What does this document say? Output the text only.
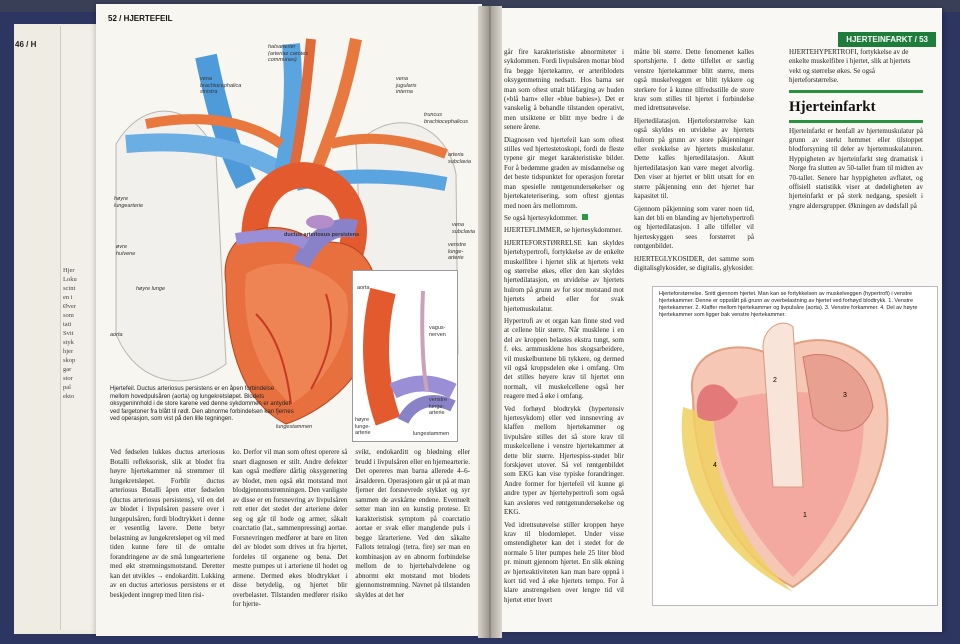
46 / H
Hjer
Loku
scint
en i
Øver
som
tati
Svit
styk
hjer
skop
gar
stor
pal
ekto
52 / HJERTEFEIL
halsarterier
(arteriae carotes
communes)
vena
brachiocephalica
sinistra
vena
jugularis
interna
truncus
brachiocephalicus
arteria
subclavia
høyre
lungearterie
øvre
hulvene
høyre lunge
aorta
ductus arteriosus persistens
vena subclavia
venstre
lunge-
arterie
lungestammen
Hjertefeil. Ductus arteriosus persistens er en åpen forbindelse mellom hovedpulsåren (aorta) og lungekretsløpet. Blodets oksygeninnhold i de store karene ved denne sykdommen er antydet ved fargetoner fra blått til rødt. Den abnorme forbindelsen kan fjernes ved operasjon, som vist på den lille tegningen.
aorta
vagus-
nerven
venstre
lunge-
arterie
høyre
lunge-
arterie	lungestammen
Ved fødselen lukkes ductus arteriosus Botalli refleksorisk, slik at blodet fra høyre hjertekammer nå strømmer til lungekretsløpet. Forblir ductus arteriosus Botalli åpen etter fødselen (ductus arteriosus persistens), vil en del av blodet i livpulsåren passere over i lungepulsåren, fordi blodtrykket i denne er vesentlig lavere. Dette betyr belastning av lungekretsløpet og vil med tiden kunne føre til de omtalte forandringene av de små lungearteriene med økt strømningsmotstand. Deretter kan det utvikles → endokarditt. Lukking av en ductus arteriosus persistens er et beskjedent inngrep med liten risi-
ko. Derfor vil man som oftest operere så snart diagnosen er stilt. Andre defekter kan også medføre dårlig oksygenering av blodet, men også økt motstand mot blodgjennomstrømningen. Den vanligste av disse er en forsnevring av livpulsåren rett etter det stedet der arteriene deler seg og går til hode og armer, såkalt coarctatio (lat., sammenpressing) aortae. Forsnevringen medfører at bare en liten del av blodet som drives ut fra hjertet, fordeles til organene og bena. Det mestte pumpes ut i arteriene til hodet og armene. Dermed økes blodtrykket i disse betydelig, og hjertet blir overbelastet. Tilstanden medfører risiko for hjerte-
svikt, endokarditt og blødning eller brudd i livpulsåren eller en hjernearterie. Det opereres man barna allerede 4–6-årsalderen. Operasjonen går ut på at man fjerner det forsnevrede stykket og syr sammen de avskårne endene. Eventuelt setter man inn en kunstig protese. Et karakteristisk symptom på coarctatio aortae er svak eller manglende puls i begge lårarteriene. Ved den såkalte Fallots tetralogi (tetra, fire) ser man en kombinasjon av en abnorm forbindelse mellom de to hjertehalvdelene og abnormt økt motstand mot blodets gjennomstrømning. Navnet på tilstanden skyldes at det her
HJERTEINFARKT / 53

går fire karakteristiske abnormiteter i sykdommen. Fordi livpulsåren mottar blod fra begge hjertekamre, er arteriblodets oksygenmetning nedsatt. Hos barna ser man som oftest uttalt blåfarging av huden («blå barn» eller «blue babies»). Det er vanskelig å behandle tilstanden operativt, men utsiktene er blitt mye bedre i de senere årene.

Diagnosen ved hjertefeil kan som oftest stilles ved hjertestetoskopi, fordi de fleste typene gir meget karakteristiske bilder. For å bedømme graden av misdannelse og det beste tidspunktet for operasjon foretar man spesielle røntgenundersøkelser og hjertekateterisering, som oftest gjentas med noen års mellomrom.

Se også hjertesykdommer.

HJERTEFLIMMER, se hjertesykdommer.

HJERTEFORSTØRRELSE kan skyldes hjertehypertrofi, fortykkelse av de enkelte muskelfibre i hjertet slik at hjertets vekt og størrelse økes, eller den kan skyldes hjertedilatasjon, en utvidelse av hjertets hulrom på grunn av for stor motstand mot hjertets arbeid eller for svak hjertemuskulatur.

Hypertrofi av et organ kan finne sted ved at cellene blir større. Når musklene i en del av kroppen belastes ekstra tungt, som f. eks. armmusklene hos skogsarbeidere, vil muskelbuntene bli tykkere, og dermed vil også kroppsdelen øke i omfang. Om det stilles høyere krav til hjertet enn normalt, vil muskelcellene også her reagere med å øke i omfang.

Ved forhøyd blodtrykk (hypertensiv hjertesykdom) eller ved innsnevring av klaffen mellom hjertekammer og livpulsåre stilles det så store krav til muskelcellene i venstre hjertekammer at dette blir større. Hjertespiss-stødet blir forskjøvet utover. Så vel røntgenbildet som EKG kan vise typiske forandringer. Andre former for hjertefeil vil kunne gi andre typer av hjertehypertrofi som også kan avsløres ved røntgenundersøkelse og EKG.

Ved idrettsutøvelse stiller kroppen høye krav til blodomløpet. Under visse omstendigheter kan det i stedet for de normale 5 liter pumpes hele 25 liter blod pr. minutt gjennom hjertet. En slik økning av hjerteaktiviteten kan man bare oppnå i kort tid ved å øke hjertets tempo. For å klare anstrengelsen over lengre tid vil hjertet etter hvert

måtte bli større. Dette fenomenet kalles sportshjerte. I dette tilfellet er særlig venstre hjertekammer blitt større, mens også muskelveggen er blitt tykkere og sterkere for å kunne tilfredsstille de store krav som stilles til hjertet i forbindelse med idrettsutøvelse.

Hjertedilatasjon. Hjerteforstørrelse kan også skyldes en utvidelse av hjertets hulrom på grunn av store påkjenninger eller svekkelse av hjertets muskulatur. Dette kalles hjertedilatasjon. Akutt hjertedilatasjon kan være meget alvorlig. Den viser at hjertet er blitt utsatt for en større påkjenning enn det hjertet har kapasitet til.

Gjennom påkjenning som varer noen tid, kan det bli en blanding av hjertehypertrofi og hjertedilatasjon. I alle tilfeller vil hjerteskyggen sees forstørret på røntgenbildet.

HJERTEGLYKOSIDER, det samme som digitalisglykosider, se digitalis, glykosider.

HJERTEHYPERTROFI, fortykkelse av de enkelte muskelfibre i hjertet, slik at hjertets vekt og størrelse økes. Se også hjerteforstørrelse.
Hjerteinfarkt
Hjerteinfarkt er henfall av hjertemuskulatur på grunn av sterkt hemmet eller tilstoppet blodforsyning til deler av hjertemuskulaturen. Hyppigheten av hjerteinfarkt steg dramatisk i Norge fra slutten av 50-tallet fram til midten av 70-tallet. Senere har hyppigheten avflatet, og offisiell statistikk viser at dødeligheten av hjerteinfarkt er på sterk nedgang, spesielt i yngre aldersgrupper. Økningen av dødsfall på
Hjerteforstørrelse. Snitt gjennom hjertet. Man kan se fortykkelsen av muskelveggen (hypertrofi) i venstre hjertekammer. Denne er oppstått på grunn av overbelastning av hjertet ved forhøyd blodtrykk. 1. Venstre hjertekammer. 2. Klaffer mellom hjertekammer og livpulsåre (aorta). 3. Venstre forkammer. 4. Del av høyre hjertekammer som ligger bak venstre hjertekammer.
2
1
3
4
